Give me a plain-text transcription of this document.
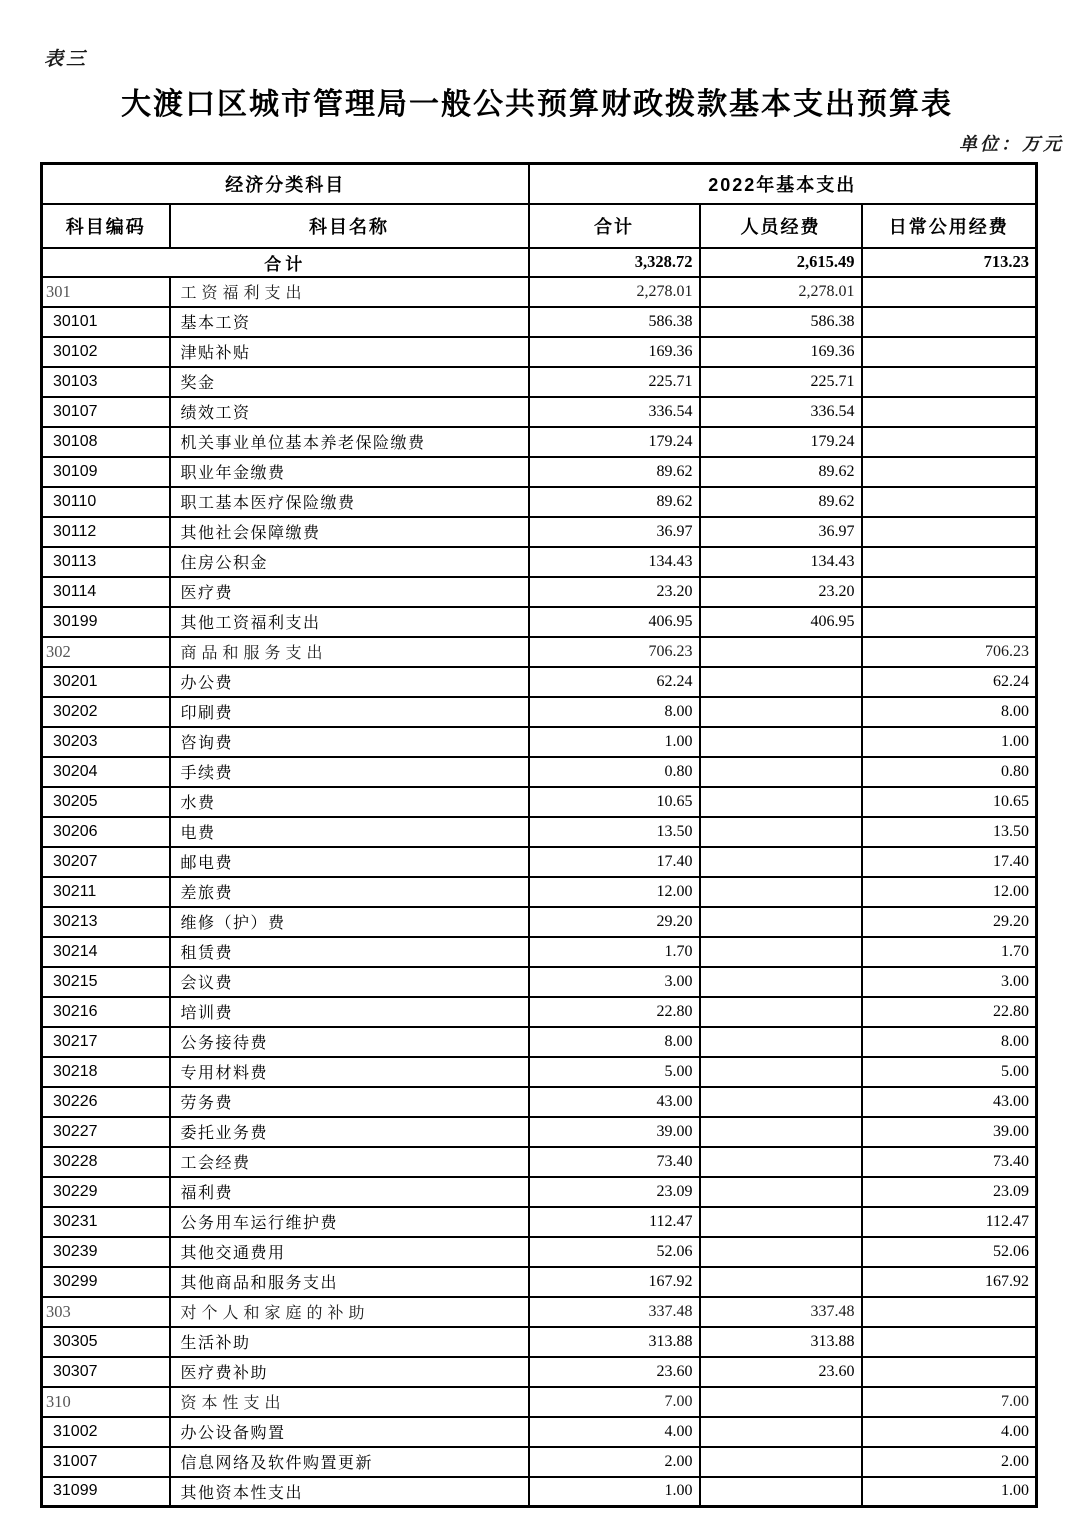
表三
大渡口区城市管理局一般公共预算财政拨款基本支出预算表
单位：万元
经济分类科目		2022年基本支出		
科目编码	科目名称	合计	人员经费	日常公用经费
合计		3,328.72	2,615.49	713.23
301	工资福利支出	2,278.01	2,278.01	
30101	基本工资	586.38	586.38	
30102	津贴补贴	169.36	169.36	
30103	奖金	225.71	225.71	
30107	绩效工资	336.54	336.54	
30108	机关事业单位基本养老保险缴费	179.24	179.24	
30109	职业年金缴费	89.62	89.62	
30110	职工基本医疗保险缴费	89.62	89.62	
30112	其他社会保障缴费	36.97	36.97	
30113	住房公积金	134.43	134.43	
30114	医疗费	23.20	23.20	
30199	其他工资福利支出	406.95	406.95	
302	商品和服务支出	706.23		706.23
30201	办公费	62.24		62.24
30202	印刷费	8.00		8.00
30203	咨询费	1.00		1.00
30204	手续费	0.80		0.80
30205	水费	10.65		10.65
30206	电费	13.50		13.50
30207	邮电费	17.40		17.40
30211	差旅费	12.00		12.00
30213	维修（护）费	29.20		29.20
30214	租赁费	1.70		1.70
30215	会议费	3.00		3.00
30216	培训费	22.80		22.80
30217	公务接待费	8.00		8.00
30218	专用材料费	5.00		5.00
30226	劳务费	43.00		43.00
30227	委托业务费	39.00		39.00
30228	工会经费	73.40		73.40
30229	福利费	23.09		23.09
30231	公务用车运行维护费	112.47		112.47
30239	其他交通费用	52.06		52.06
30299	其他商品和服务支出	167.92		167.92
303	对个人和家庭的补助	337.48	337.48	
30305	生活补助	313.88	313.88	
30307	医疗费补助	23.60	23.60	
310	资本性支出	7.00		7.00
31002	办公设备购置	4.00		4.00
31007	信息网络及软件购置更新	2.00		2.00
31099	其他资本性支出	1.00		1.00
